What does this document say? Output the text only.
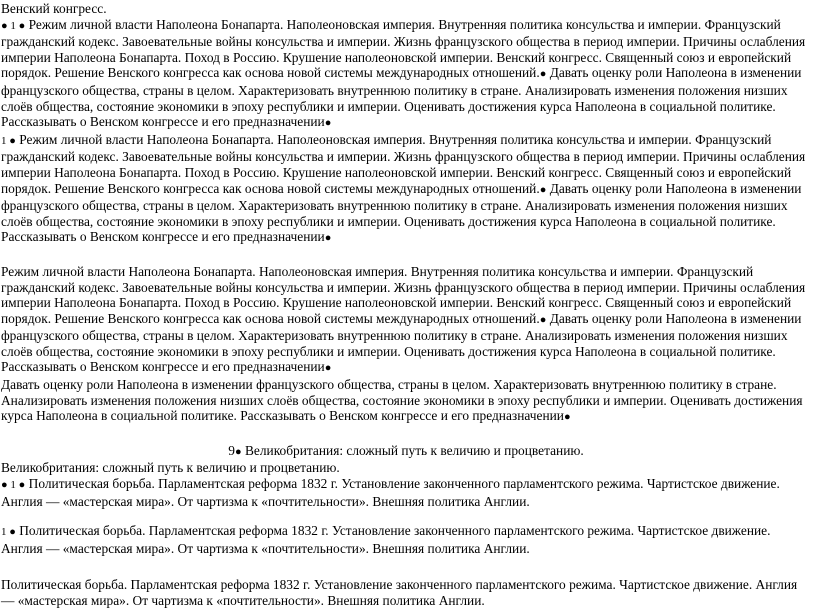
Венский конгресс.

● 1 ● Режим личной власти Наполеона Бонапарта. Наполеоновская империя. Внутренняя политика консульства и империи. Французский гражданский кодекс. Завоевательные войны консульства и империи. Жизнь французского общества в период империи. Причины ослабления империи Наполеона Бонапарта. Поход в Россию. Крушение наполеоновской империи. Венский конгресс. Священный союз и европейский порядок. Решение Венского конгресса как основа новой системы международных отношений.● Давать оценку роли Наполеона в изменении французского общества, страны в целом. Характеризовать внутреннюю политику в стране. Анализировать изменения положения низших слоёв общества, состояние экономики в эпоху республики и империи. Оценивать достижения курса Наполеона в социальной политике. Рассказывать о Венском конгрессе и его предназначении●

1 ● Режим личной власти Наполеона Бонапарта. Наполеоновская империя. Внутренняя политика консульства и империи. Французский гражданский кодекс. Завоевательные войны консульства и империи. Жизнь французского общества в период империи. Причины ослабления империи Наполеона Бонапарта. Поход в Россию. Крушение наполеоновской империи. Венский конгресс. Священный союз и европейский порядок. Решение Венского конгресса как основа новой системы международных отношений.● Давать оценку роли Наполеона в изменении французского общества, страны в целом. Характеризовать внутреннюю политику в стране. Анализировать изменения положения низших слоёв общества, состояние экономики в эпоху республики и империи. Оценивать достижения курса Наполеона в социальной политике. Рассказывать о Венском конгрессе и его предназначении●

Режим личной власти Наполеона Бонапарта. Наполеоновская империя. Внутренняя политика консульства и империи. Французский гражданский кодекс. Завоевательные войны консульства и империи. Жизнь французского общества в период империи. Причины ослабления империи Наполеона Бонапарта. Поход в Россию. Крушение наполеоновской империи. Венский конгресс. Священный союз и европейский порядок. Решение Венского конгресса как основа новой системы международных отношений.● Давать оценку роли Наполеона в изменении французского общества, страны в целом. Характеризовать внутреннюю политику в стране. Анализировать изменения положения низших слоёв общества, состояние экономики в эпоху республики и империи. Оценивать достижения курса Наполеона в социальной политике. Рассказывать о Венском конгрессе и его предназначении●

Давать оценку роли Наполеона в изменении французского общества, страны в целом. Характеризовать внутреннюю политику в стране. Анализировать изменения положения низших слоёв общества, состояние экономики в эпоху республики и империи. Оценивать достижения курса Наполеона в социальной политике. Рассказывать о Венском конгрессе и его предназначении●

9● Великобритания: сложный путь к величию и процветанию.

Великобритания: сложный путь к величию и процветанию.

● 1 ● Политическая борьба. Парламентская реформа 1832 г. Установление законченного парламентского режима. Чартистское движение. Англия — «мастерская мира». От чартизма к «почтительности». Внешняя политика Англии.

1 ● Политическая борьба. Парламентская реформа 1832 г. Установление законченного парламентского режима. Чартистское движение. Англия — «мастерская мира». От чартизма к «почтительности». Внешняя политика Англии.

Политическая борьба. Парламентская реформа 1832 г. Установление законченного парламентского режима. Чартистское движение. Англия — «мастерская мира». От чартизма к «почтительности». Внешняя политика Англии.
